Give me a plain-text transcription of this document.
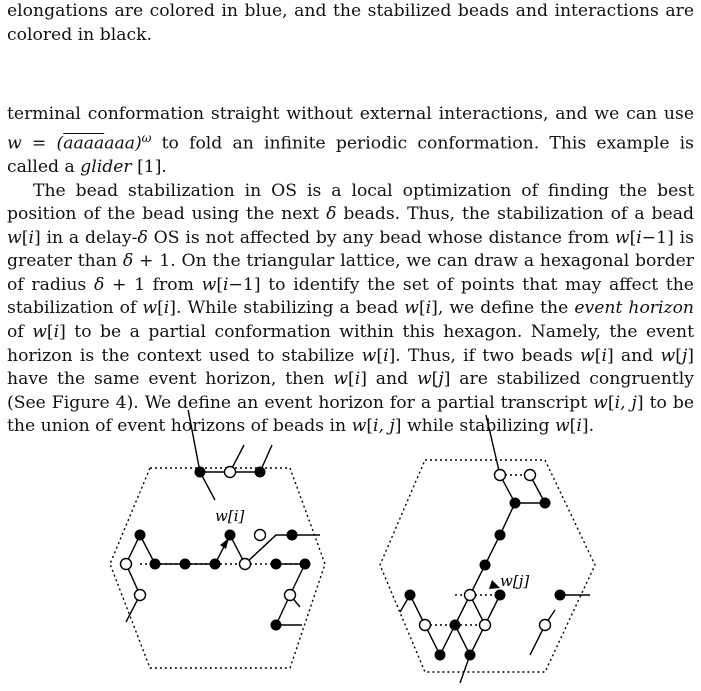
elongations are colored in blue, and the stabilized beads and interactions are colored in black.

terminal conformation straight without external interactions, and we can use w = (aaaaaaa)$^\omega$ to fold an infinite periodic conformation. This example is called a glider [1].

The bead stabilization in OS is a local optimization of finding the best position of the bead using the next δ beads. Thus, the stabilization of a bead w[i] in a delay-δ OS is not affected by any bead whose distance from w[i−1] is greater than δ + 1. On the triangular lattice, we can draw a hexagonal border of radius δ + 1 from w[i−1] to identify the set of points that may affect the stabilization of w[i]. While stabilizing a bead w[i], we define the event horizon of w[i] to be a partial conformation within this hexagon. Namely, the event horizon is the context used to stabilize w[i]. Thus, if two beads w[i] and w[j] have the same event horizon, then w[i] and w[j] are stabilized congruently (See Figure 4). We define an event horizon for a partial transcript w[i, j] to be the union of event horizons of beads in w[i, j] while stabilizing w[i].

w[i]
w[j]
